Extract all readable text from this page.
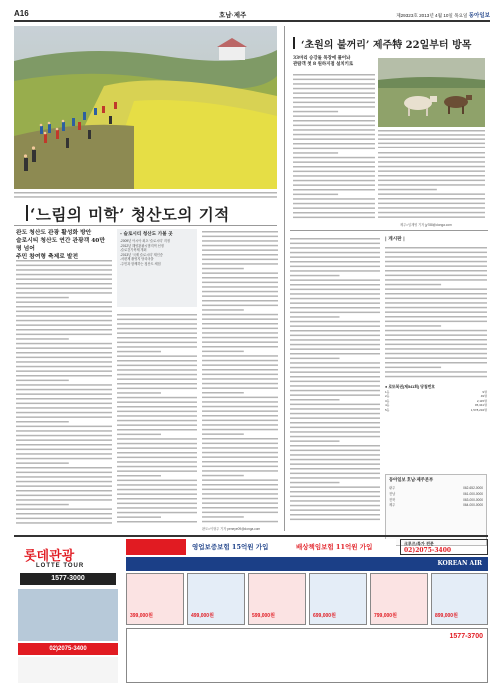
A16	호남·제주	제29323호 2013년 4월 10일 목요일 동아일보
‘느림의 미학’ 청산도의 기적
완도 청산도 관광 활성화 방안
슬로시티 청산도 연간 관광객 40만 명 넘어
주민 참여형 축제로 발전
- 슬로시티 청산도 가볼 곳
-2009년 아시아 최초 ‘슬로시티’ 지정
-2012년 해양관광시범지역 선정
-슬로걷기축제 개최
-2013년 ‘국제 슬로시티’ 재인증
-서편제 촬영지 당리마을
-주민과 함께하는 청산도 체험
완도=이형주 기자 peneye09@donga.com
‘초원의 불꺼리’ 제주特 22일부터 방목
33마리 승강돌 목장에 풀어놔
관람객 첫 8 원하지점 설치키로
제주=임재영 기자 jy788@donga.com
| 게시판 |
● 로또복권(제541회) 당첨번호
1등	9명
2등	49명
3등	2,115명
4등	95,341명
5등	1,578,234명
동아일보 호남·제주본부
광주	062-652-0000
전남	061-000-0000
전북	063-000-0000
제주	064-000-0000
롯데관광
LOTTE TOUR
1577-3000
02)2075-3400
영업보증보험 15억원 가입	배상책임보험 11억원 가입	크루즈/특가 전문
02)2075-3400
KOREAN AIR
399,000원	499,000원	599,000원	699,000원	799,000원	899,000원
1577-3700
